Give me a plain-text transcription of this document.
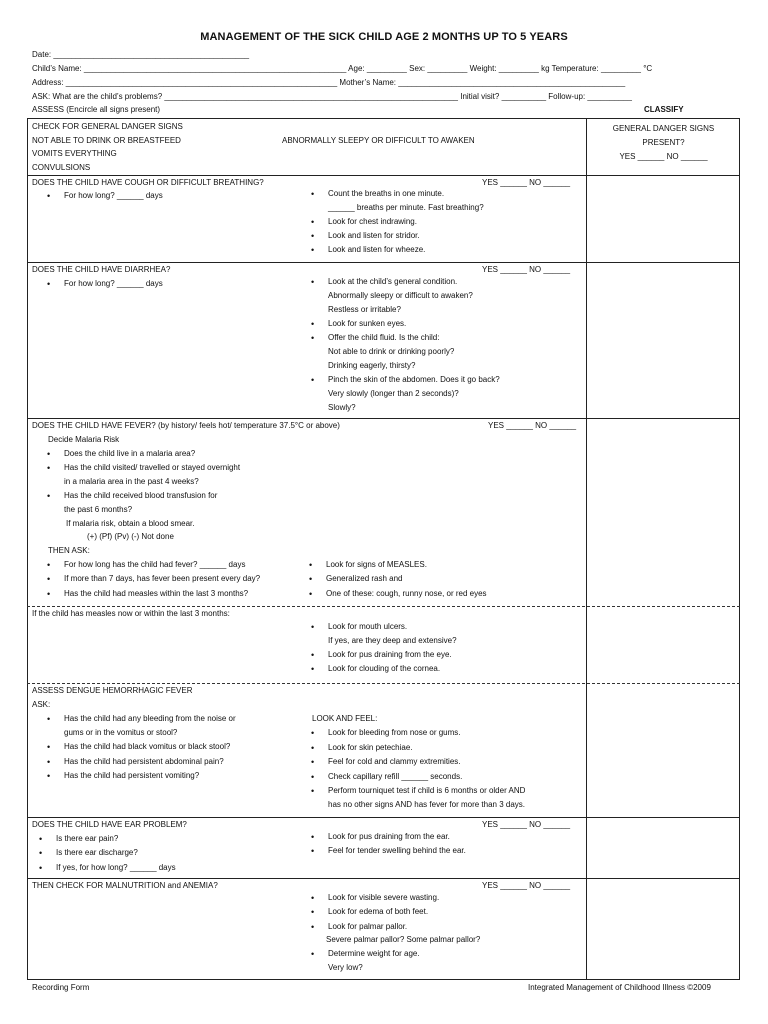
MANAGEMENT OF THE SICK CHILD AGE 2 MONTHS UP TO 5 YEARS
Date: ____________________________________________
Child’s Name: ___________________________________________________________ Age: _________ Sex: _________ Weight: _________ kg Temperature: _________ °C
Address: _____________________________________________________________ Mother’s Name: ___________________________________________________
ASK: What are the child’s problems? __________________________________________________________________ Initial visit? __________ Follow-up: __________
ASSESS (Encircle all signs present)	CLASSIFY
CHECK FOR GENERAL DANGER SIGNS
NOT ABLE TO DRINK OR BREASTFEED
VOMITS EVERYTHING
CONVULSIONS
ABNORMALLY SLEEPY OR DIFFICULT TO AWAKEN
GENERAL DANGER SIGNS
PRESENT?
YES ______ NO ______
DOES THE CHILD HAVE COUGH OR DIFFICULT BREATHING?	YES ______ NO ______
• For how long? ______ days	• Count the breaths in one minute.
______ breaths per minute. Fast breathing?
• Look for chest indrawing.
• Look and listen for stridor.
• Look and listen for wheeze.
DOES THE CHILD HAVE DIARRHEA?	YES ______ NO ______
• For how long? ______ days	• Look at the child’s general condition.
Abnormally sleepy or difficult to awaken?
Restless or irritable?
• Look for sunken eyes.
• Offer the child fluid. Is the child:
Not able to drink or drinking poorly?
Drinking eagerly, thirsty?
• Pinch the skin of the abdomen. Does it go back?
Very slowly (longer than 2 seconds)?
Slowly?
DOES THE CHILD HAVE FEVER? (by history/ feels hot/ temperature 37.5°C or above)	YES ______ NO ______
Decide Malaria Risk
• Does the child live in a malaria area?
• Has the child visited/ travelled or stayed overnight
in a malaria area in the past 4 weeks?
• Has the child received blood transfusion for
the past 6 months?
If malaria risk, obtain a blood smear.
(+) (Pf) (Pv) (-) Not done
THEN ASK:
• For how long has the child had fever? ______ days
• If more than 7 days, has fever been present every day?
• Has the child had measles within the last 3 months?
• Look for signs of MEASLES.
• Generalized rash and
• One of these: cough, runny nose, or red eyes
If the child has measles now or within the last 3 months:
• Look for mouth ulcers.
If yes, are they deep and extensive?
• Look for pus draining from the eye.
• Look for clouding of the cornea.
ASSESS DENGUE HEMORRHAGIC FEVER
ASK:
• Has the child had any bleeding from the noise or
gums or in the vomitus or stool?
• Has the child had black vomitus or black stool?
• Has the child had persistent abdominal pain?
• Has the child had persistent vomiting?
LOOK AND FEEL:
• Look for bleeding from nose or gums.
• Look for skin petechiae.
• Feel for cold and clammy extremities.
• Check capillary refill ______ seconds.
• Perform tourniquet test if child is 6 months or older AND
has no other signs AND has fever for more than 3 days.
DOES THE CHILD HAVE EAR PROBLEM?	YES ______ NO ______
• Is there ear pain?
• Is there ear discharge?
• If yes, for how long? ______ days
• Look for pus draining from the ear.
• Feel for tender swelling behind the ear.
THEN CHECK FOR MALNUTRITION and ANEMIA?	YES ______ NO ______
• Look for visible severe wasting.
• Look for edema of both feet.
• Look for palmar pallor.
Severe palmar pallor? Some palmar pallor?
• Determine weight for age.
Very low?
Recording Form	Integrated Management of Childhood Illness ©2009
